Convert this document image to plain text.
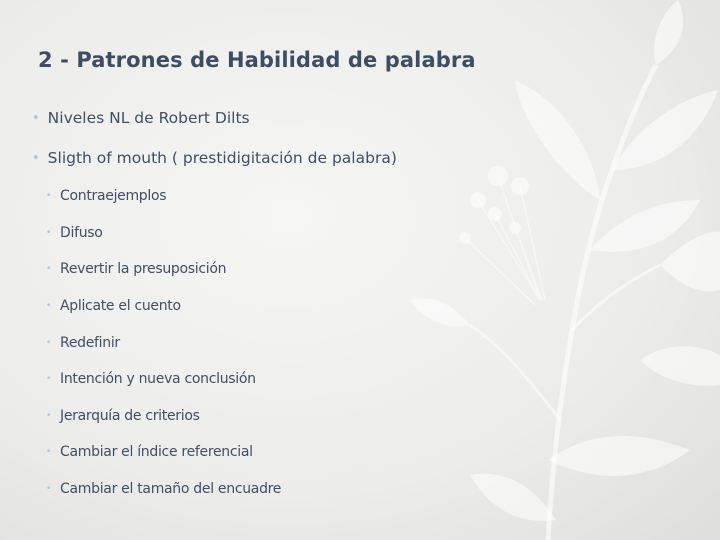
2 - Patrones de Habilidad de palabra
• Niveles NL de Robert Dilts
• Sligth of mouth ( prestidigitación de palabra)
• Contraejemplos
• Difuso
• Revertir la presuposición
• Aplicate el cuento
• Redefinir
• Intención y nueva conclusión
• Jerarquía de criterios
• Cambiar el índice referencial
• Cambiar el tamaño del encuadre
